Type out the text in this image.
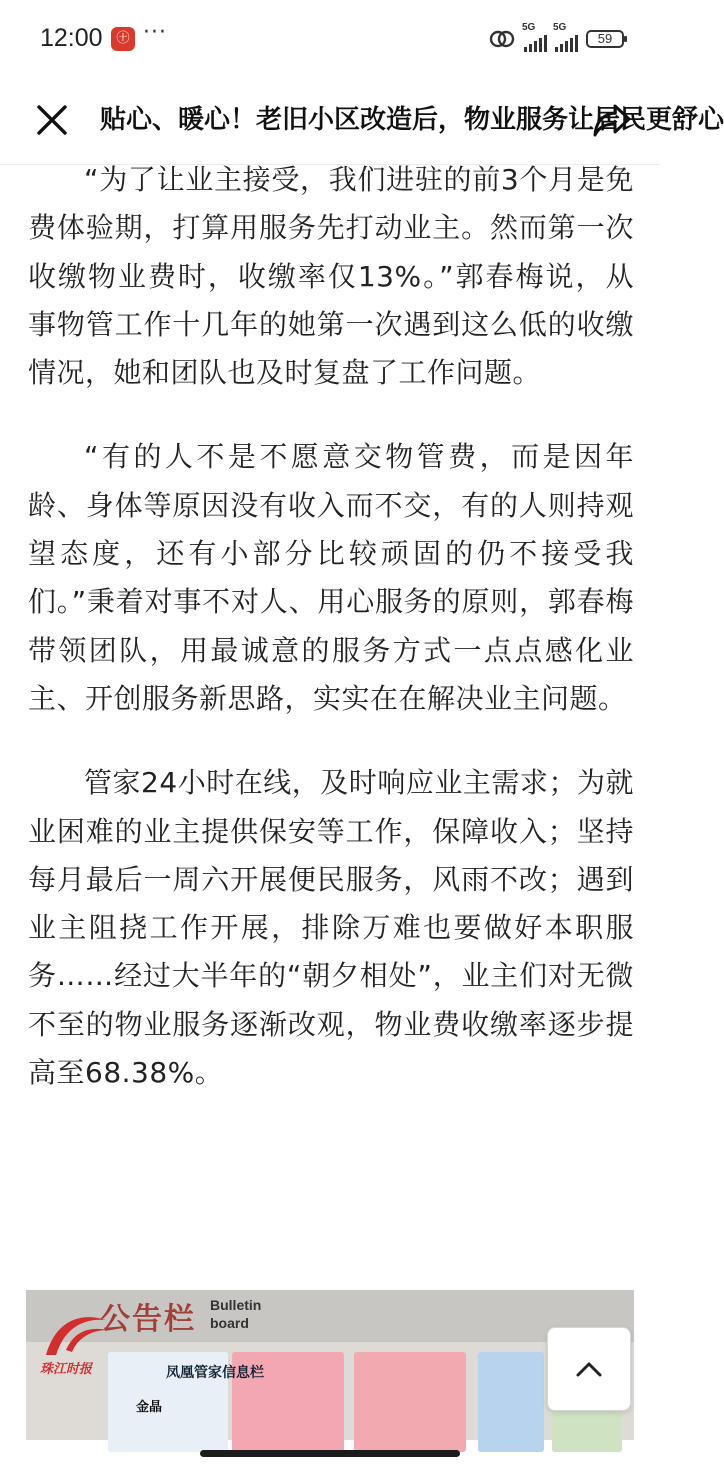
12:00	㊉ ···	5G 5G
59
贴心、暖心！老旧小区改造后，物业服务让居民更舒心

“为了让业主接受，我们进驻的前3个月是免费体验期，打算用服务先打动业主。然而第一次收缴物业费时，收缴率仅13%。”郭春梅说，从事物管工作十几年的她第一次遇到这么低的收缴情况，她和团队也及时复盘了工作问题。

“有的人不是不愿意交物管费，而是因年龄、身体等原因没有收入而不交，有的人则持观望态度，还有小部分比较顽固的仍不接受我们。”秉着对事不对人、用心服务的原则，郭春梅带领团队，用最诚意的服务方式一点点感化业主、开创服务新思路，实实在在解决业主问题。

管家24小时在线，及时响应业主需求；为就业困难的业主提供保安等工作，保障收入；坚持每月最后一周六开展便民服务，风雨不改；遇到业主阻挠工作开展，排除万难也要做好本职服务……经过大半年的“朝夕相处”，业主们对无微不至的物业服务逐渐改观，物业费收缴率逐步提高至68.38%。

公告栏 Bulletin board
珠江时报	凤凰管家信息栏
金晶
